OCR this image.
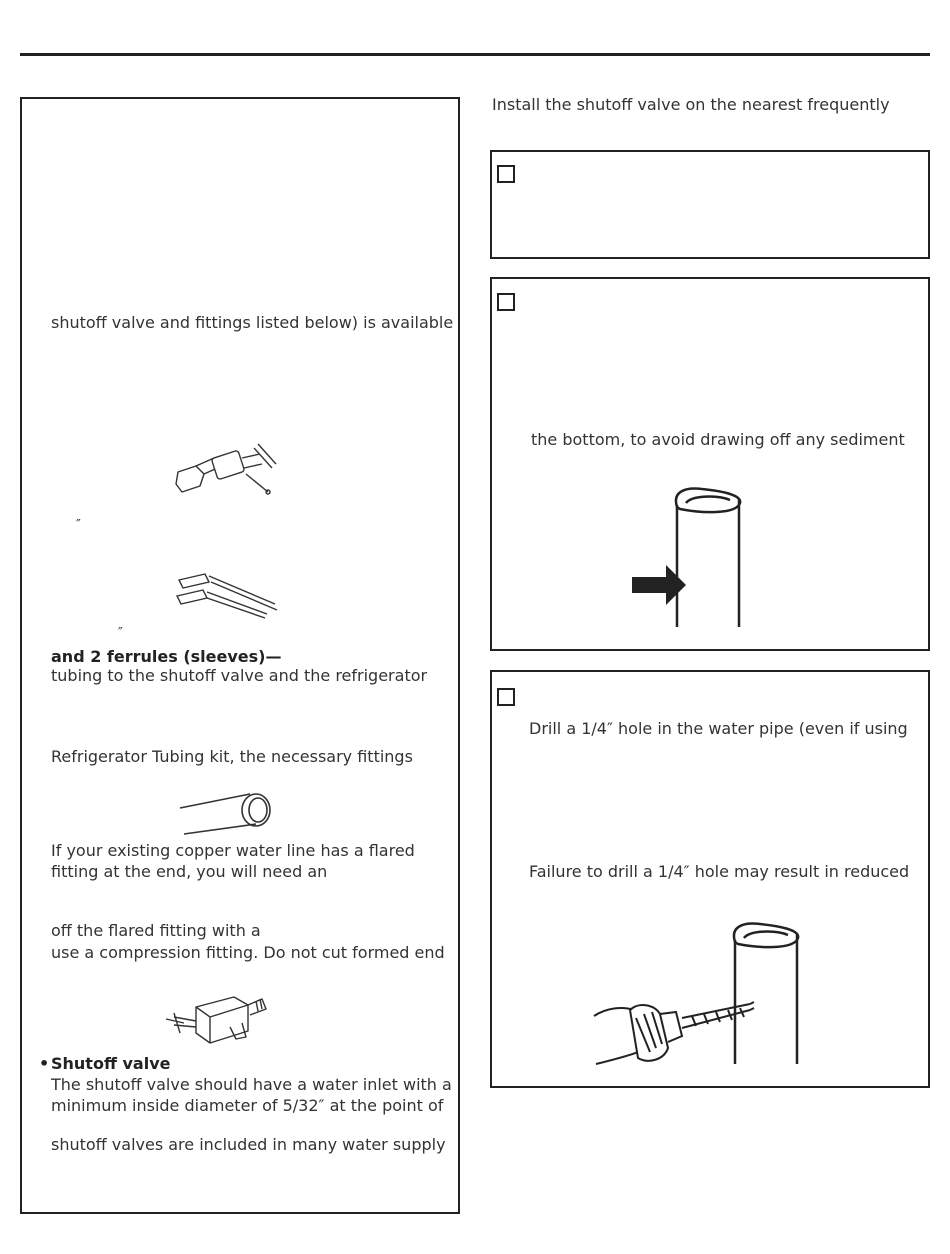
shutoff valve and fittings listed below) is available
″
″
and 2 ferrules (sleeves)—
tubing to the shutoff valve and the refrigerator
Refrigerator Tubing kit, the necessary fittings
If your existing copper water line has a flared
fitting at the end, you will need an
off the flared fitting with a
use a compression fitting. Do not cut formed end
• Shutoff valve
The shutoff valve should have a water inlet with a
minimum inside diameter of 5/32″ at the point of
shutoff valves are included in many water supply
Install the shutoff valve on the nearest frequently
the bottom, to avoid drawing off any sediment
Drill a 1/4″ hole in the water pipe (even if using
Failure to drill a 1/4″ hole may result in reduced
